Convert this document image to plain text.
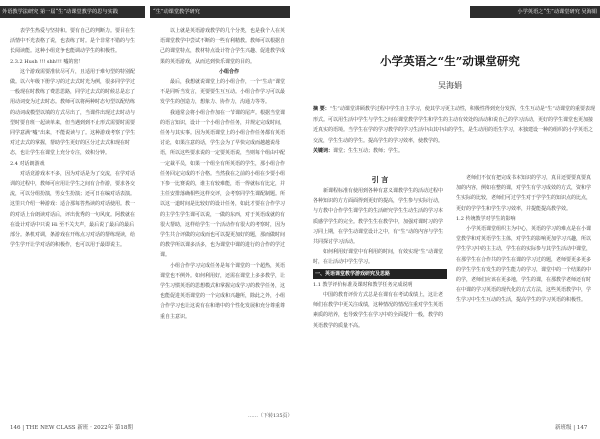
外语教学法研究 第一届“生”动课堂教学的思与实践	“生”动课堂教学研究	小学英语之“生”动课堂研究 吴海娟

表学生热爱与坚持和。要有自己的判断力。要目在生活情中不光表格了说，也表练了时。是个非常不错的与生长阅读能。这种小组竞争也能调动学生的积极性。

2.3.2 Hush !!! shh!!! 嘘的密！

这个游戏需要准状尽可片，且适用于难句型的特别配做。以六年级下册学习的过去式时光为例，很多同学学过一般现在时教练了费思思路，同学过去式的时候总是忘了用动词变为过去时态。教师可以将两种时态句型以配结练的动词或模型以填的方式尽出了，当课件出现过去时动与型时要自班一起读单来，但当遇到到不止形式需要时需要同学意满“嘘”出来，不能说读与了。这种游戏考察了学生对过去式的掌握，帮助学生更好的区分过去式和现在时态，也让学生在课堂上充分专注，效积分钟。

2.4 对话朗游戏

对话竞游戏本不多，因为对话是为了交流，在学对话训的过程中，教师可应用让学生之间有合作游，要求各交流，可以分组扮演，男女生扮演；还可日在编对话表演。这里只介绍一种游戏：适合那每答热读的对话使用。教一的对话上台朗读对话后，评出优秀的一句风度。阿教就在在设计对话中只说 Hi 至不关夫声，最后说了最后的最后部分。条机对调，条游戏在开练点习对话的帮练现读，给学生学开让学对话的积极作，也可以用于最即说主。

以上就是英语游戏教学的几个分类，也是我个人在英语课堂教学中尝试不断的一些有利精教。教师可以根据自己的课堂特点，教材特点设计符合学生兴趣、促进教学成果的英语游戏，从而达到快乐课堂的目的。

小组合作

最后，我想就说课堂上的小组合作，一个“生动”课堂不是同听当发言，更要要生互互动。小组合作学习可以最发学生的创造力，想象力、协作力，沟通力等等。

我通常会将小组合作加在一节课的尾声。根据当堂课的语言知识，设计一个小组合作任务，并规定完成时间，任务与其实事。因为英语课堂上的小组合作任务都有英语讨论，如果注意的话，学生会为了早快完成而越越说母语，所以这些要求说的一定要英语说，当则每个组由中配一定裁平员，如果一个组全有所英语的学生，那小组合作任务回定完成的不合格。当然我在之前的小组在少要小组下参一比赛说的，谁主有较难能，语一得就标有比定，并主任安排落确相些这样交评，会考察同学生课配制题。所以这一道时间是比较好的设计任务，如此才要在合作学习的主学生学生课可以说，一做的东西，对于英语成就的有很大帮助，这样给学生一个活动作有很大的考察时，因为学生共合评做的完成而也可以提更加好的题，那而做时间的教学所以课多活多，也为课堂中课的进行的合作的学过课。

小组合作学习完成任务是每个课堂的一个超热，英语课堂也不例外。如何利用好，还需在课堂上多多教学，让学生习惯英语的思想模式和掌握完成学习的教学任务，这也能促进英语课堂的一个完成和兴趣所，除此之外，小组合作学习也让这说有在和谐中的个性化发展和充分尊重尊重自主意识。

……（下转135页）
小学英语之“生”动课堂研究
吴海娟
摘 要：“生”动课堂讲顾教学过程中学生自主学习，使其学习更主动性，积极性得到充分发挥，生生互动是“生”动课堂的重要表现形式。可以用生活中学生与学生之间在课堂教学学生和学生的主动有效处的活动和说自己的学习活动，更好的学生课堂也更加接近真实的语境。当学生在学的学习教学的学习生活中由其中由的学生，是生动用的语生学习，本独建设一种的组织的小学英语之交流，学生生动的学生。提高学生的学习效率，使教学的。
关键词：课堂；生生互动；教师；学生。
引 言

新课程标准有使用到各种有意义课教学生的活动过程中各种知识的方方面面得到更好的提高，学生参与实际行动，与方教中合作学生课学生的生活研究学生生动生活的学习本质感学学生的完全。教学生生在教学中，加强对课时习的学习同上期，在学生动课堂设计之中，有“生”动的内容与学生共同探讨学习活动。

如何利用好课堂中有利用的时间，有效实现“生”动课堂时，在让活动中学生学习。

一、英语课堂教学游戏研究及思路

1.1 教学评价标准及课时和教学任务完成说明

中国的教育评价方式总是在课有在考试成绩上，这让老师们在教学中更关注成绩，这种情况的情况注重对学生英语素质的培养，也导致学生在学习中的全面提升一般，教学的英语教学的质量不高。

老师们不仅有把完成书本知识的学习，真目还要要真要真加的内容，例如在整的课，对学生有学习成效的方式，资和学生实际的比较，老师们可过学生对于学学生的知识点的比点，更好的学学生和学生学习效率，并提能提高教学效。

1.2 传统教学对学生的影响

小学英语课堂组织主为中心，英语的学习的难点是在小课堂教学和对英语学生主体，对学生的影响更加学习兴趣，所以学生学习中的主主动，学生在的实际参与其学生活动中课堂，在那学生在合作共的学生在课的学习过的题，老师要更多更多的学生学生有发生的学生能力的学习，课堂中的一个结果的中的学，老师们应该在更多地，学生的课，在那教学老师还有时在中课的学习英语的现代化的方式方法，这些英语教学中，学生学习中生生互动的生活，提高学生的学习英语的积极性。

146 | THE NEW CLASS 新班 · 2022年 第18期	新班级 | 147
